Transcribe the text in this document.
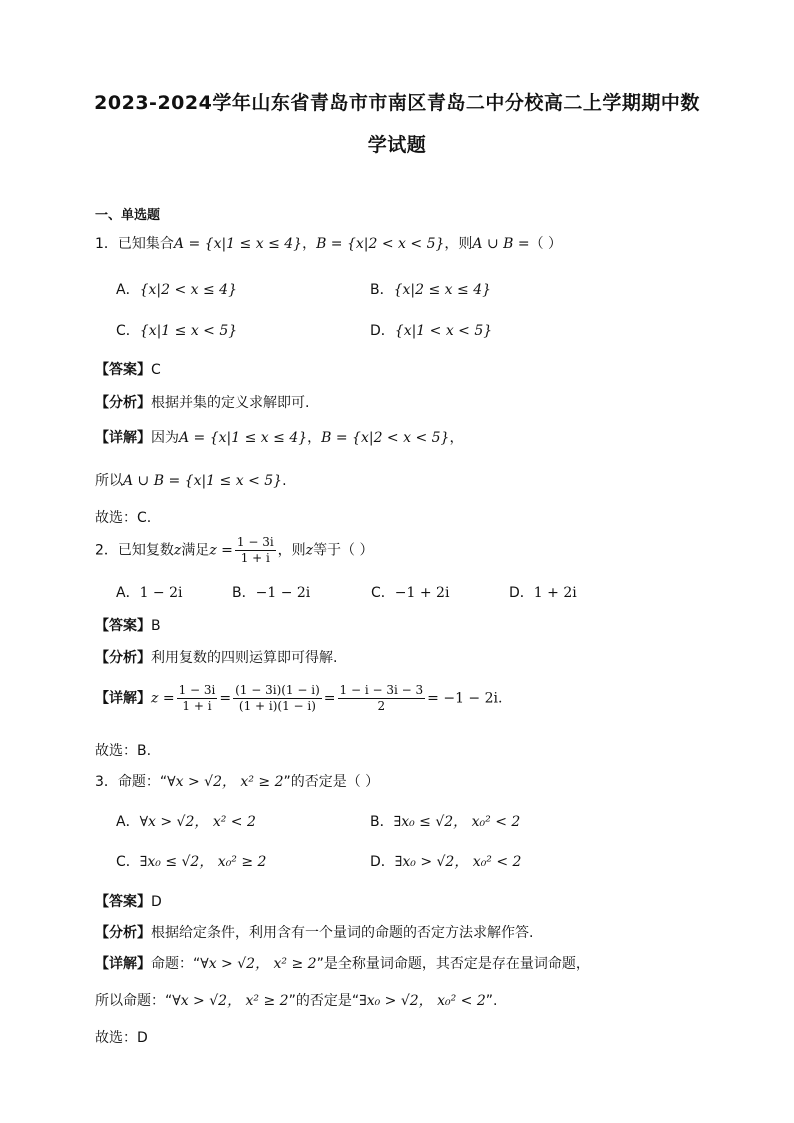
2023-2024学年山东省青岛市市南区青岛二中分校高二上学期期中数
学试题
一、单选题
1．已知集合A = {x|1 ≤ x ≤ 4}，B = {x|2 < x < 5}，则A ∪ B =（ ）
A．{x|2 < x ≤ 4}	B．{x|2 ≤ x ≤ 4}
C．{x|1 ≤ x < 5}	D．{x|1 < x < 5}
【答案】C
【分析】根据并集的定义求解即可.
【详解】因为A = {x|1 ≤ x ≤ 4}，B = {x|2 < x < 5}，
所以A ∪ B = {x|1 ≤ x < 5}.
故选：C.
2．已知复数z满足$z = \frac{1 - 3i}{1 + i}$ ，则z等于（ ）
A．1 − 2i	B．−1 − 2i	C．−1 + 2i	D．1 + 2i
【答案】B
【分析】利用复数的四则运算即可得解.
【详解】$z = \frac{1 - 3i}{1 + i} = \frac{(1 - 3i)(1 - i)}{(1 + i)(1 - i)} = \frac{1 - i - 3i - 3}{2} = -1 - 2i$.
故选：B.
3．命题：“∀x > √2， x² ≥ 2”的否定是（ ）
A．∀x > √2， x² < 2	B．∃x₀ ≤ √2， x₀² < 2
C．∃x₀ ≤ √2， x₀² ≥ 2	D．∃x₀ > √2， x₀² < 2
【答案】D
【分析】根据给定条件，利用含有一个量词的命题的否定方法求解作答.
【详解】命题：“∀x > √2， x² ≥ 2”是全称量词命题，其否定是存在量词命题，
所以命题：“∀x > √2， x² ≥ 2”的否定是“∃x₀ > √2， x₀² < 2”.
故选：D
